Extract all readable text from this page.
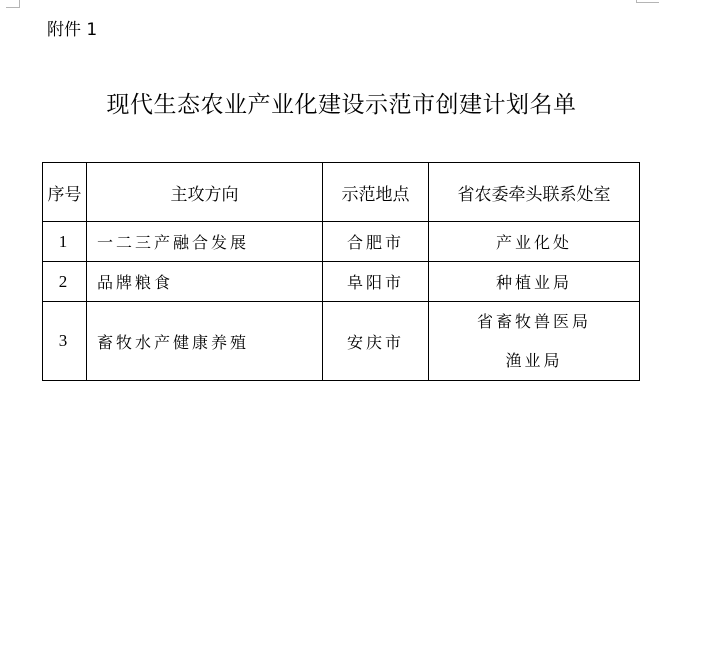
附件 1
现代生态农业产业化建设示范市创建计划名单
序号	主攻方向	示范地点	省农委牵头联系处室
1	一二三产融合发展	合肥市	产业化处
2	品牌粮食	阜阳市	种植业局
3	畜牧水产健康养殖	安庆市	省畜牧兽医局
渔业局
